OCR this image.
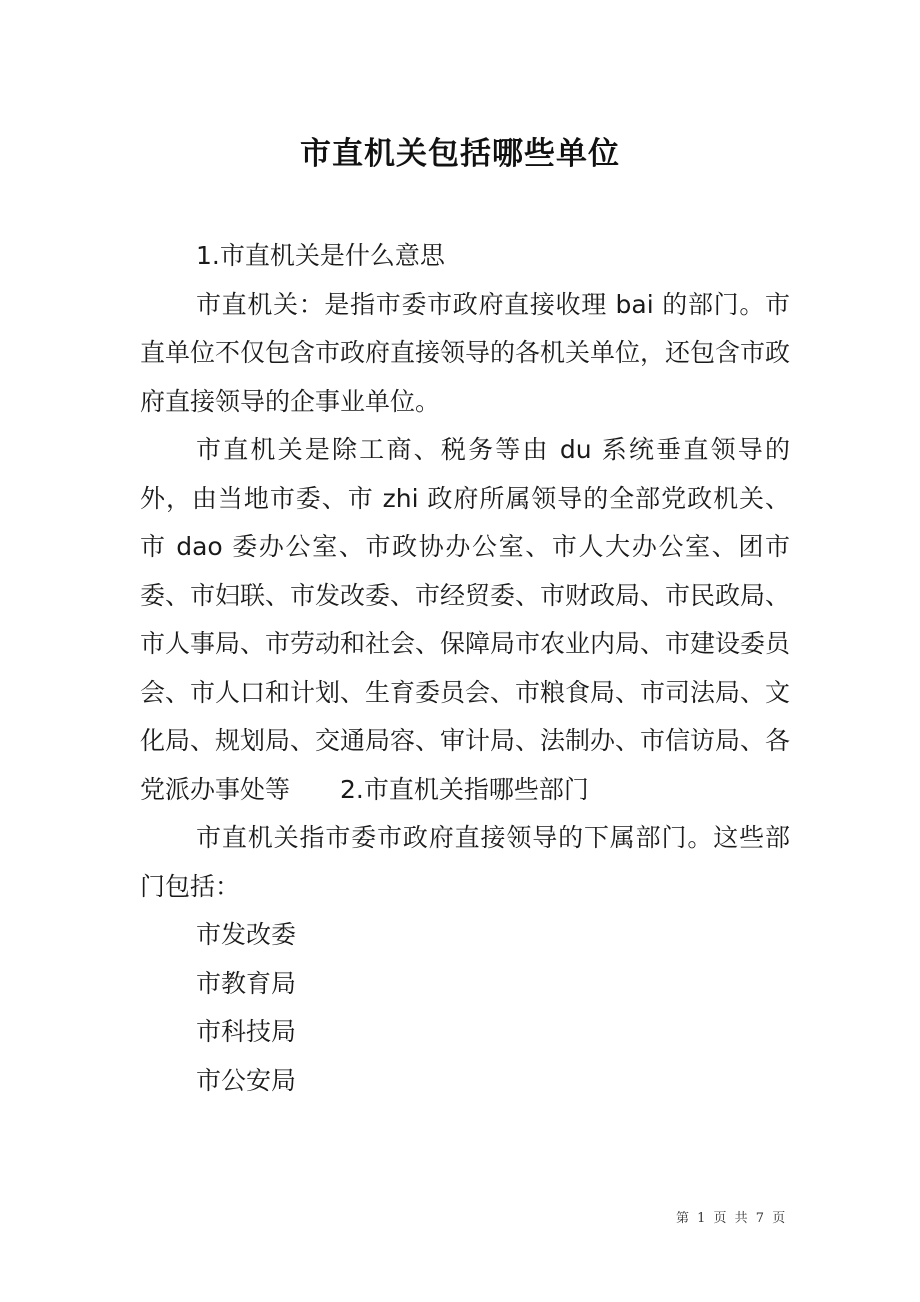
市直机关包括哪些单位

1.市直机关是什么意思

市直机关：是指市委市政府直接收理 bai 的部门。市直单位不仅包含市政府直接领导的各机关单位，还包含市政府直接领导的企事业单位。

市直机关是除工商、税务等由 du 系统垂直领导的外，由当地市委、市 zhi 政府所属领导的全部党政机关、市 dao 委办公室、市政协办公室、市人大办公室、团市委、市妇联、市发改委、市经贸委、市财政局、市民政局、市人事局、市劳动和社会、保障局市农业内局、市建设委员会、市人口和计划、生育委员会、市粮食局、市司法局、文化局、规划局、交通局容、审计局、法制办、市信访局、各党派办事处等　　2.市直机关指哪些部门

市直机关指市委市政府直接领导的下属部门。这些部门包括：

市发改委

市教育局

市科技局

市公安局

第 1 页 共 7 页
